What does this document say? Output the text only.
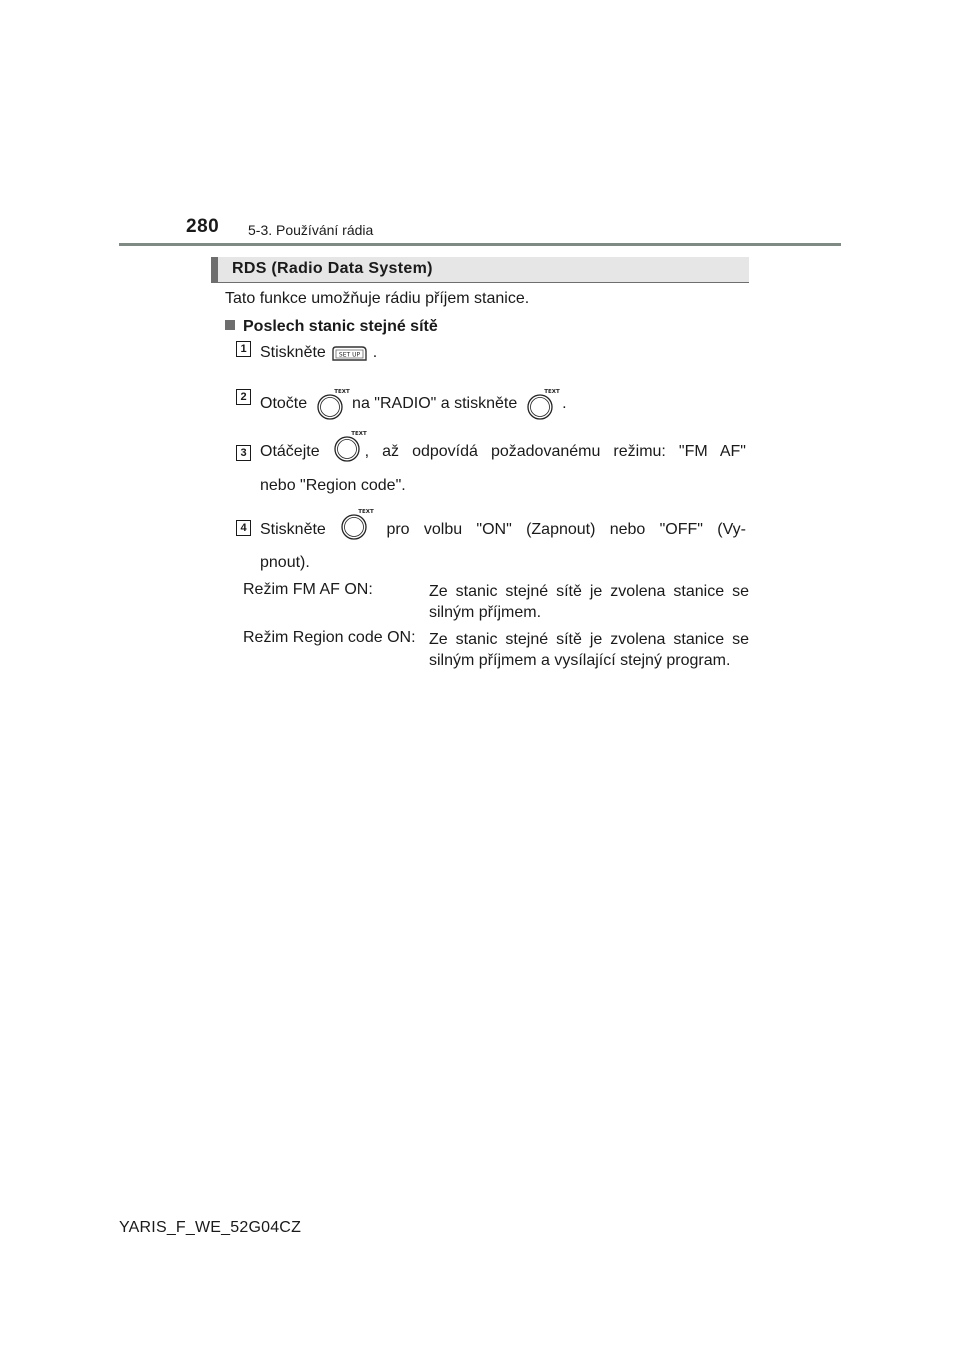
280 5-3. Používání rádia
RDS (Radio Data System)
Tato funkce umožňuje rádiu příjem stanice.
Poslech stanic stejné sítě
1 Stiskněte SET UP .
2 Otočte
TEXT
na "RADIO" a stiskněte
TEXT
.
3 Otáčejte
TEXT
, až odpovídá požadovanému režimu: "FM AF"
nebo "Region code".
4 Stiskněte
TEXT
pro volbu "ON" (Zapnout) nebo "OFF" (Vy-
pnout).
Režim FM AF ON:	Ze stanic stejné sítě je zvolena stanice se silným příjmem.
Režim Region code ON: Ze stanic stejné sítě je zvolena stanice se silným příjmem a vysílající stejný program.
YARIS_F_WE_52G04CZ
